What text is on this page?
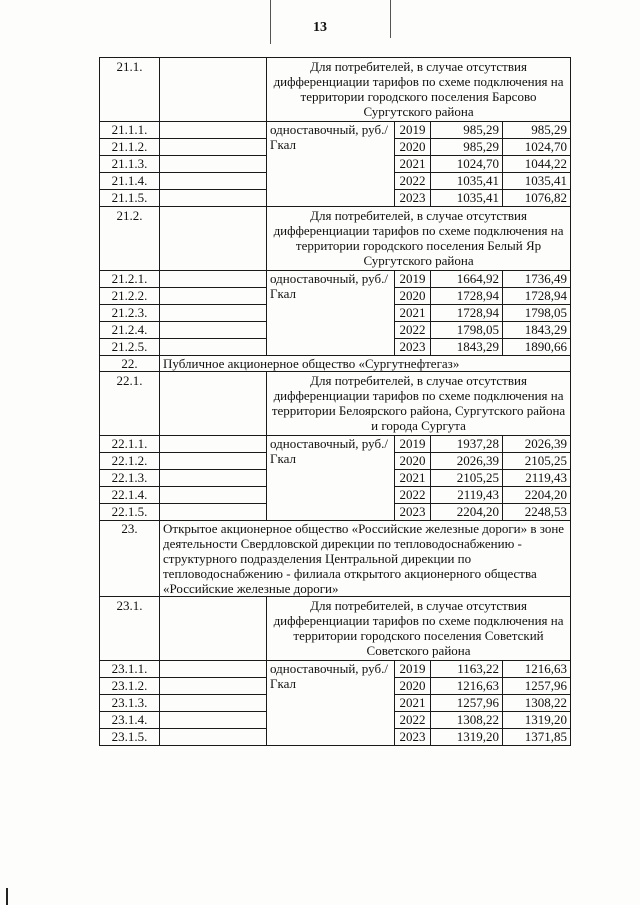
13
21.1.		Для потребителей, в случае отсутствия дифференциации тарифов по схеме подключения на территории городского поселения Барсово Сургутского района			
21.1.1.		одноставочный, руб./Гкал	2019	985,29	985,29
21.1.2.			2020	985,29	1024,70
21.1.3.			2021	1024,70	1044,22
21.1.4.			2022	1035,41	1035,41
21.1.5.			2023	1035,41	1076,82
21.2.		Для потребителей, в случае отсутствия дифференциации тарифов по схеме подключения на территории городского поселения Белый Яр Сургутского района			
21.2.1.		одноставочный, руб./Гкал	2019	1664,92	1736,49
21.2.2.			2020	1728,94	1728,94
21.2.3.			2021	1728,94	1798,05
21.2.4.			2022	1798,05	1843,29
21.2.5.			2023	1843,29	1890,66
22.	Публичное акционерное общество «Сургутнефтегаз»				
22.1.		Для потребителей, в случае отсутствия дифференциации тарифов по схеме подключения на территории Белоярского района, Сургутского района и города Сургута			
22.1.1.		одноставочный, руб./Гкал	2019	1937,28	2026,39
22.1.2.			2020	2026,39	2105,25
22.1.3.			2021	2105,25	2119,43
22.1.4.			2022	2119,43	2204,20
22.1.5.			2023	2204,20	2248,53
23.	Открытое акционерное общество «Российские железные дороги» в зоне деятельности Свердловской дирекции по тепловодоснабжению - структурного подразделения Центральной дирекции по тепловодоснабжению - филиала открытого акционерного общества «Российские железные дороги»				
23.1.		Для потребителей, в случае отсутствия дифференциации тарифов по схеме подключения на территории городского поселения Советский Советского района			
23.1.1.		одноставочный, руб./Гкал	2019	1163,22	1216,63
23.1.2.			2020	1216,63	1257,96
23.1.3.			2021	1257,96	1308,22
23.1.4.			2022	1308,22	1319,20
23.1.5.			2023	1319,20	1371,85
